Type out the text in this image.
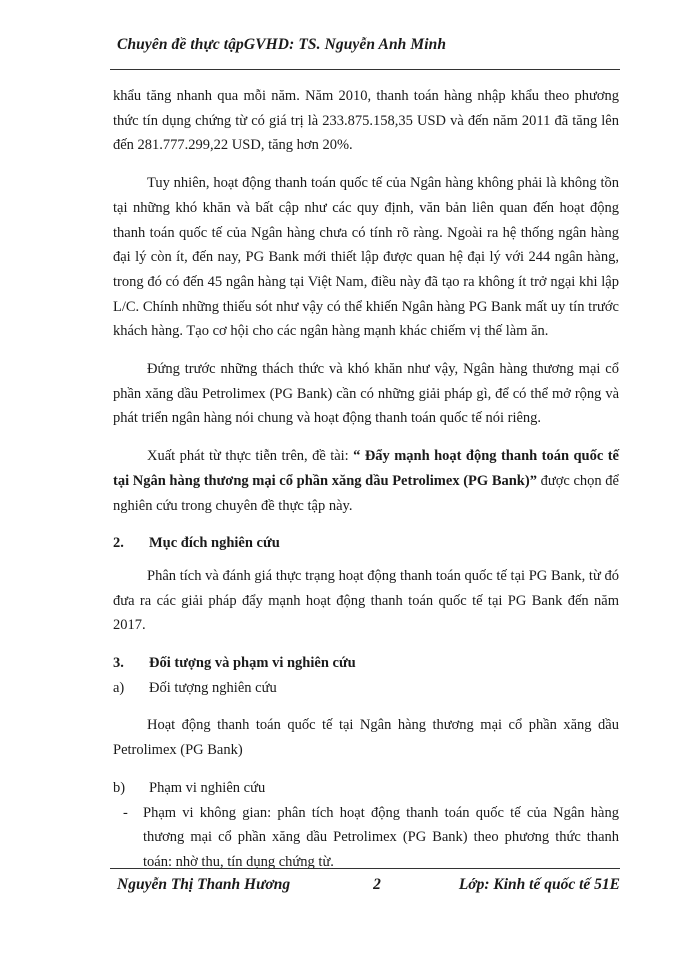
Chuyên đề thực tậpGVHD: TS. Nguyễn Anh Minh

khẩu tăng nhanh qua mỗi năm. Năm 2010, thanh toán hàng nhập khẩu theo phương thức tín dụng chứng từ có giá trị là 233.875.158,35 USD và đến năm 2011 đã tăng lên đến 281.777.299,22 USD, tăng hơn 20%.

Tuy nhiên, hoạt động thanh toán quốc tế của Ngân hàng không phải là không tồn tại những khó khăn và bất cập như các quy định, văn bản liên quan đến hoạt động thanh toán quốc tế của Ngân hàng chưa có tính rõ ràng. Ngoài ra hệ thống ngân hàng đại lý còn ít, đến nay, PG Bank mới thiết lập được quan hệ đại lý với 244 ngân hàng, trong đó có đến 45 ngân hàng tại Việt Nam, điều này đã tạo ra không ít trở ngại khi lập L/C. Chính những thiếu sót như vậy có thể khiến Ngân hàng PG Bank mất uy tín trước khách hàng. Tạo cơ hội cho các ngân hàng mạnh khác chiếm vị thế làm ăn.

Đứng trước những thách thức và khó khăn như vậy, Ngân hàng thương mại cổ phần xăng dầu Petrolimex (PG Bank) cần có những giải pháp gì, để có thể mở rộng và phát triển ngân hàng nói chung và hoạt động thanh toán quốc tế nói riêng.

Xuất phát từ thực tiễn trên, đề tài: “ Đẩy mạnh hoạt động thanh toán quốc tế tại Ngân hàng thương mại cổ phần xăng dầu Petrolimex (PG Bank)” được chọn để nghiên cứu trong chuyên đề thực tập này.

2.	Mục đích nghiên cứu

Phân tích và đánh giá thực trạng hoạt động thanh toán quốc tế tại PG Bank, từ đó đưa ra các giải pháp đẩy mạnh hoạt động thanh toán quốc tế tại PG Bank đến năm 2017.

3.	Đối tượng và phạm vi nghiên cứu
a)	Đối tượng nghiên cứu

Hoạt động thanh toán quốc tế tại Ngân hàng thương mại cổ phần xăng dầu Petrolimex (PG Bank)

b)	Phạm vi nghiên cứu
-	Phạm vi không gian: phân tích hoạt động thanh toán quốc tế của Ngân hàng thương mại cổ phần xăng dầu Petrolimex (PG Bank) theo phương thức thanh toán: nhờ thu, tín dụng chứng từ.
Nguyễn Thị Thanh Hương	2	Lớp: Kinh tế quốc tế 51E
